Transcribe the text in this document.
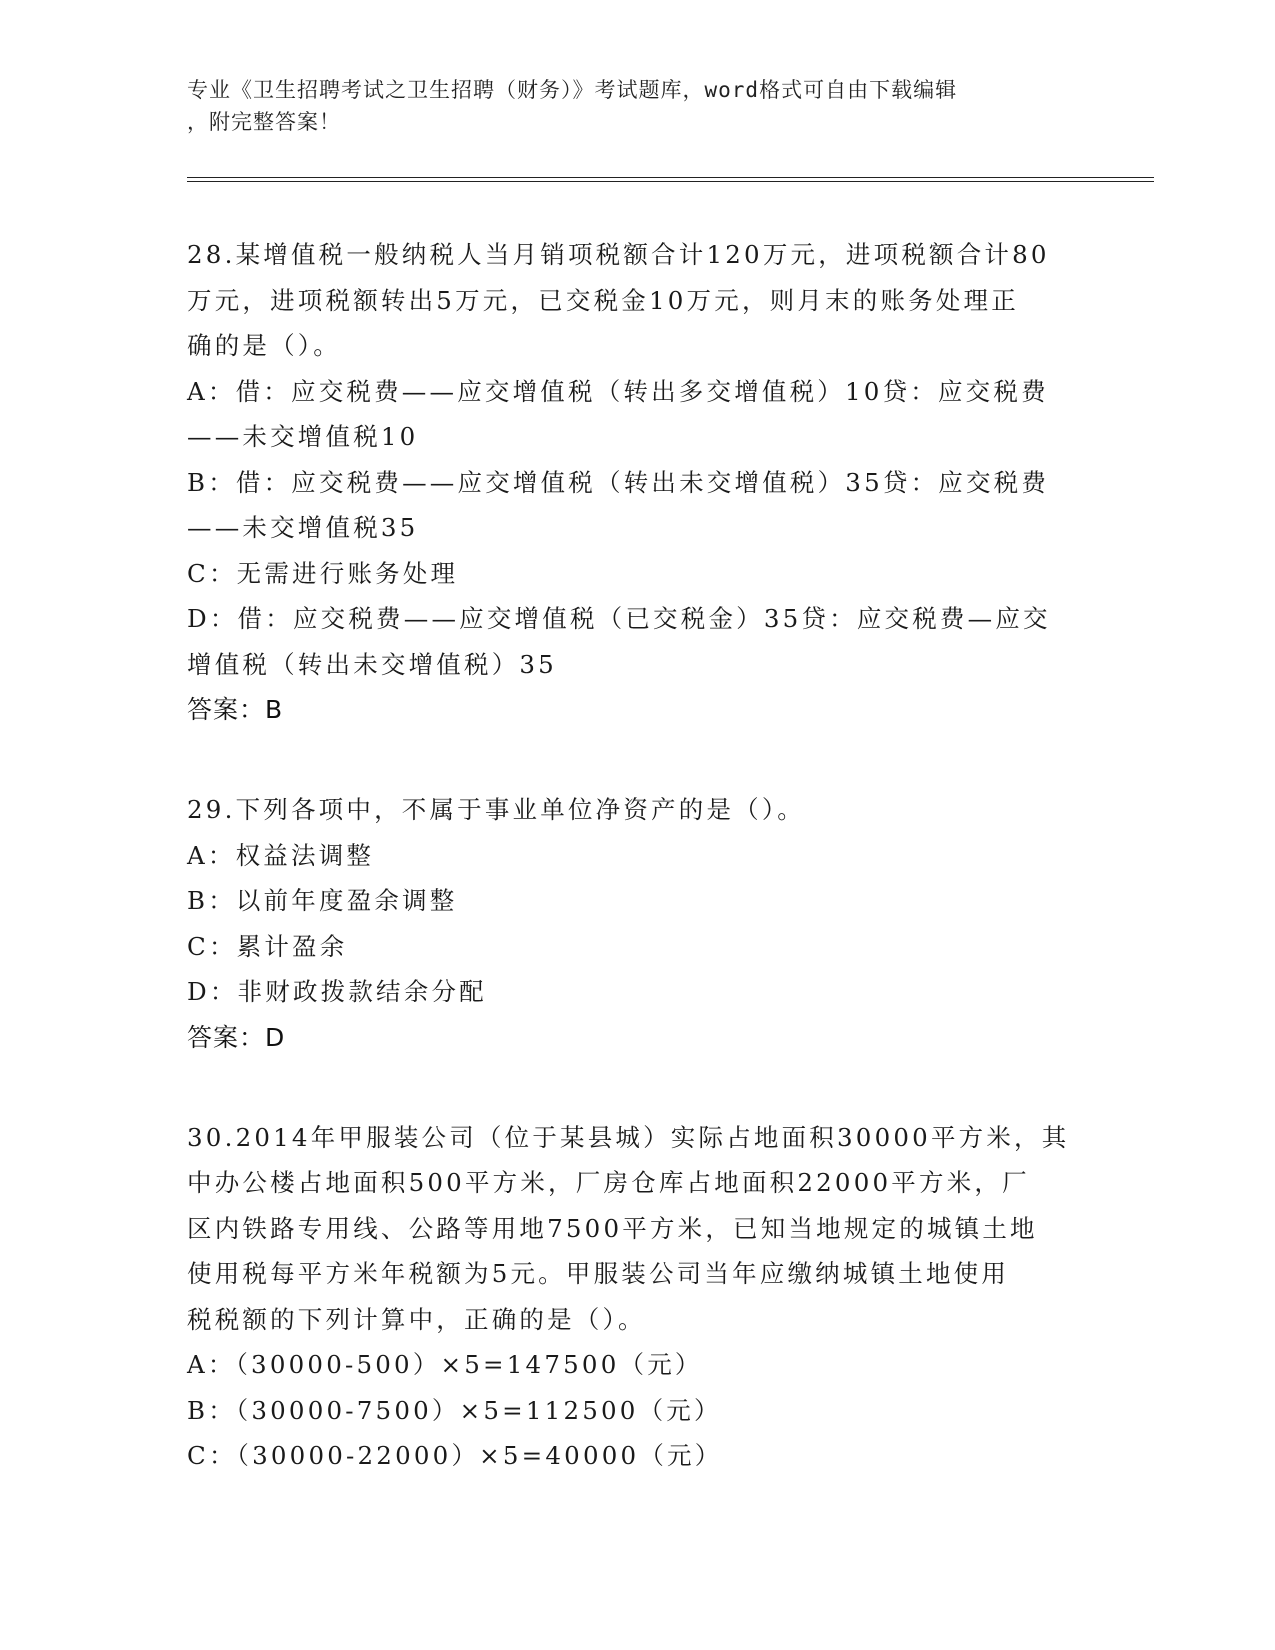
专业《卫生招聘考试之卫生招聘（财务）》考试题库，word格式可自由下载编辑
，附完整答案！
28.某增值税一般纳税人当月销项税额合计120万元，进项税额合计80
万元，进项税额转出5万元，已交税金10万元，则月末的账务处理正
确的是（）。
A：借：应交税费——应交增值税（转出多交增值税）10贷：应交税费
——未交增值税10
B：借：应交税费——应交增值税（转出未交增值税）35贷：应交税费
——未交增值税35
C：无需进行账务处理
D：借：应交税费——应交增值税（已交税金）35贷：应交税费—应交
增值税（转出未交增值税）35
答案：B
29.下列各项中，不属于事业单位净资产的是（）。
A：权益法调整
B：以前年度盈余调整
C：累计盈余
D：非财政拨款结余分配
答案：D
30.2014年甲服装公司（位于某县城）实际占地面积30000平方米，其
中办公楼占地面积500平方米，厂房仓库占地面积22000平方米，厂
区内铁路专用线、公路等用地7500平方米，已知当地规定的城镇土地
使用税每平方米年税额为5元。甲服装公司当年应缴纳城镇土地使用
税税额的下列计算中，正确的是（）。
A：（30000-500）×5=147500（元）
B：（30000-7500）×5=112500（元）
C：（30000-22000）×5=40000（元）
